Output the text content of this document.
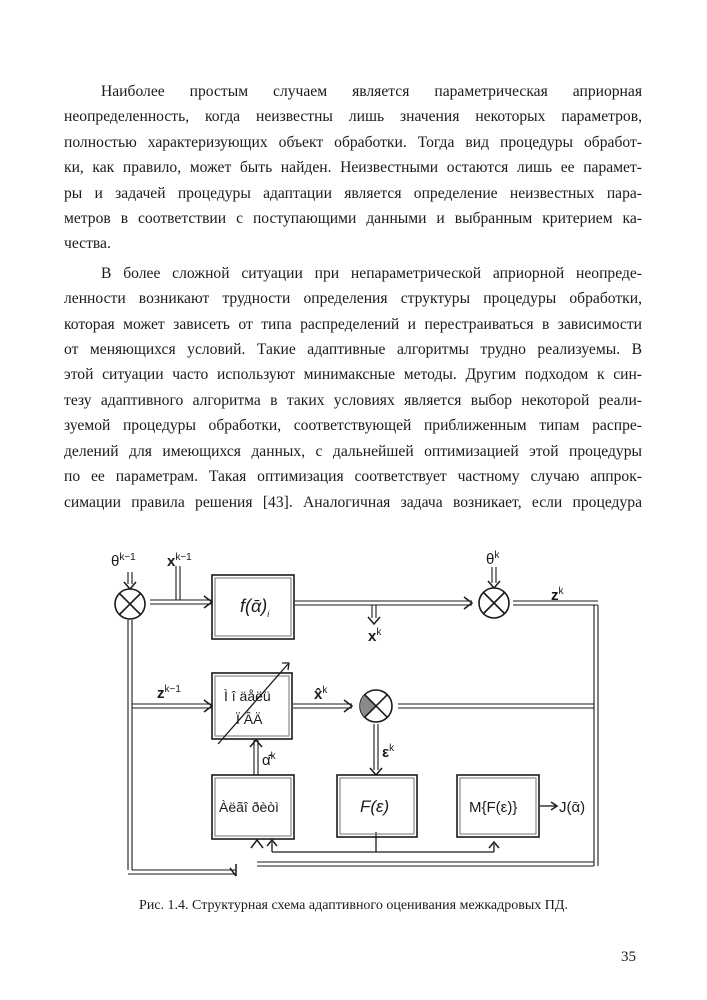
Наиболее простым случаем является параметрическая априорная
неопределенность, когда неизвестны лишь значения некоторых параметров,
полностью характеризующих объект обработки. Тогда вид процедуры обработ-
ки, как правило, может быть найден. Неизвестными остаются лишь ее парамет-
ры и задачей процедуры адаптации является определение неизвестных пара-
метров в соответствии с поступающими данными и выбранным критерием ка-
чества.

В более сложной ситуации при непараметрической априорной неопреде-
ленности возникают трудности определения структуры процедуры обработки,
которая может зависеть от типа распределений и перестраиваться в зависимости
от меняющихся условий. Такие адаптивные алгоритмы трудно реализуемы. В
этой ситуации часто используют минимаксные методы. Другим подходом к син-
тезу адаптивного алгоритма в таких условиях является выбор некоторой реали-
зуемой процедуры обработки, соответствующей приближенным типам распре-
делений для имеющихся данных, с дальнейшей оптимизацией этой процедуры
по ее параметрам. Такая оптимизация соответствует частному случаю аппрок-
симации правила решения [43]. Аналогичная задача возникает, если процедура

$\theta^{k-1}$ $x^{k-1}$
$f(ᾱ)_i$
$x^k$
$\theta^k$
$z^k$
$z^{k-1}$	Ì î äåëü
Ï ÂÄ
x̂$^k$
$\varepsilon^k$
α̂̄$^k$
Àëãî ðèòì	F(ε)	M{F(ε)}	J(ᾱ)
Рис. 1.4. Структурная схема адаптивного оценивания межкадровых ПД.
35
